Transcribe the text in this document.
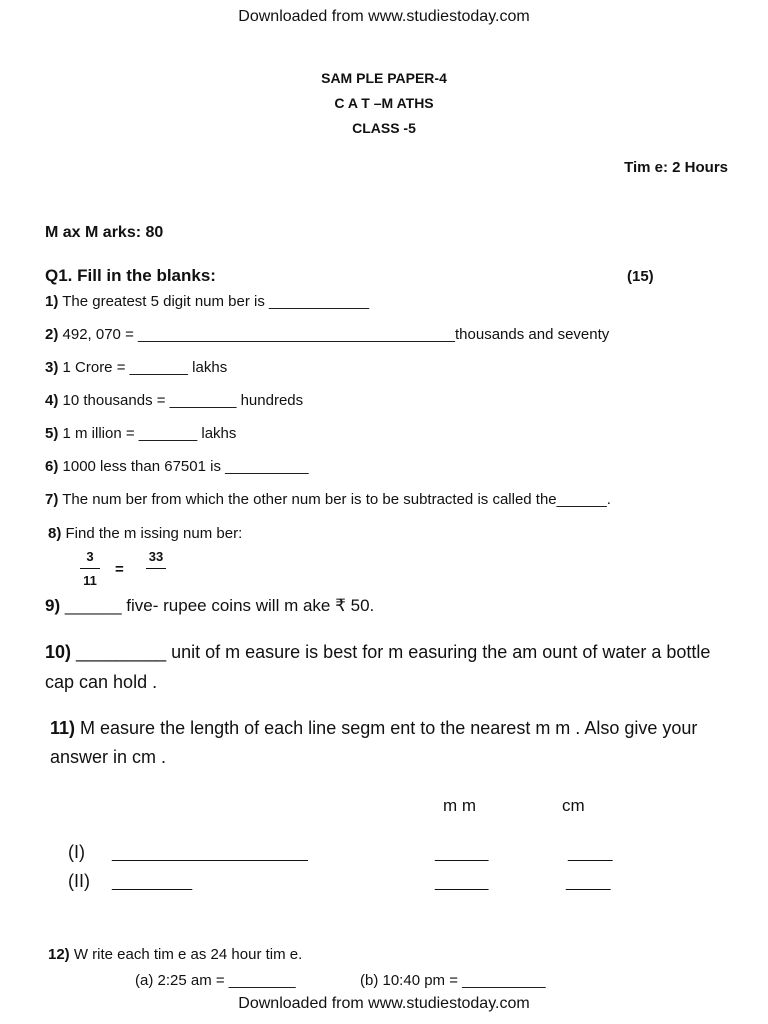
Downloaded from www.studiestoday.com
SAM PLE PAPER-4
C A T –M ATHS
CLASS -5
Tim e: 2 Hours
M ax M arks: 80
Q1. Fill in the blanks:	(15)
1) The greatest 5 digit num ber is ____________
2) 492, 070 = ______________________________________thousands and seventy
3) 1 Crore = _______ lakhs
4) 10 thousands = ________ hundreds
5) 1 m illion = _______ lakhs
6) 1000 less than 67501 is __________
7) The num ber from which the other num ber is to be subtracted is called the______.
8) Find the m issing num ber:
3
11
=
33
9) ______ five- rupee coins will m ake ₹ 50.
10) _________ unit of m easure is best for m easuring the am ount of water a bottle
cap can hold .
11) M easure the length of each line segm ent to the nearest m m . Also give your
answer in cm .
m m	cm
(I) ______________________	______	_____
(II) _________	______	_____
12) W rite each tim e as 24 hour tim e.
(a) 2:25 am = ________	(b) 10:40 pm = __________
Downloaded from www.studiestoday.com
